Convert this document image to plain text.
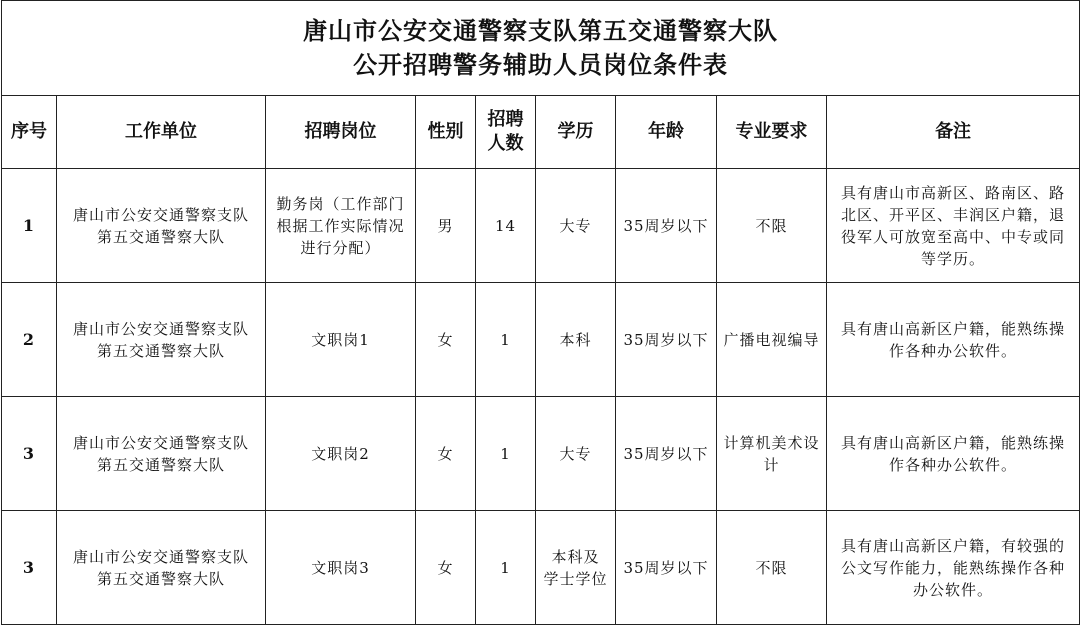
唐山市公安交通警察支队第五交通警察大队
公开招聘警务辅助人员岗位条件表								

序号	工作单位	招聘岗位	性别	招聘
人数	学历	年龄	专业要求	备注
1	唐山市公安交通警察支队
第五交通警察大队	勤务岗（工作部门
根据工作实际情况
进行分配）	男	14	大专	35周岁以下	不限	具有唐山市高新区、路南区、路
北区、开平区、丰润区户籍，退
役军人可放宽至高中、中专或同
等学历。

2	唐山市公安交通警察支队
第五交通警察大队	文职岗1	女	1	本科	35周岁以下	广播电视编导	具有唐山高新区户籍，能熟练操
作各种办公软件。

3	唐山市公安交通警察支队
第五交通警察大队	文职岗2	女	1	大专	35周岁以下	计算机美术设
计	具有唐山高新区户籍，能熟练操
作各种办公软件。

3	唐山市公安交通警察支队
第五交通警察大队	文职岗3	女	1	本科及
学士学位	35周岁以下	不限	具有唐山高新区户籍，有较强的
公文写作能力，能熟练操作各种
办公软件。
